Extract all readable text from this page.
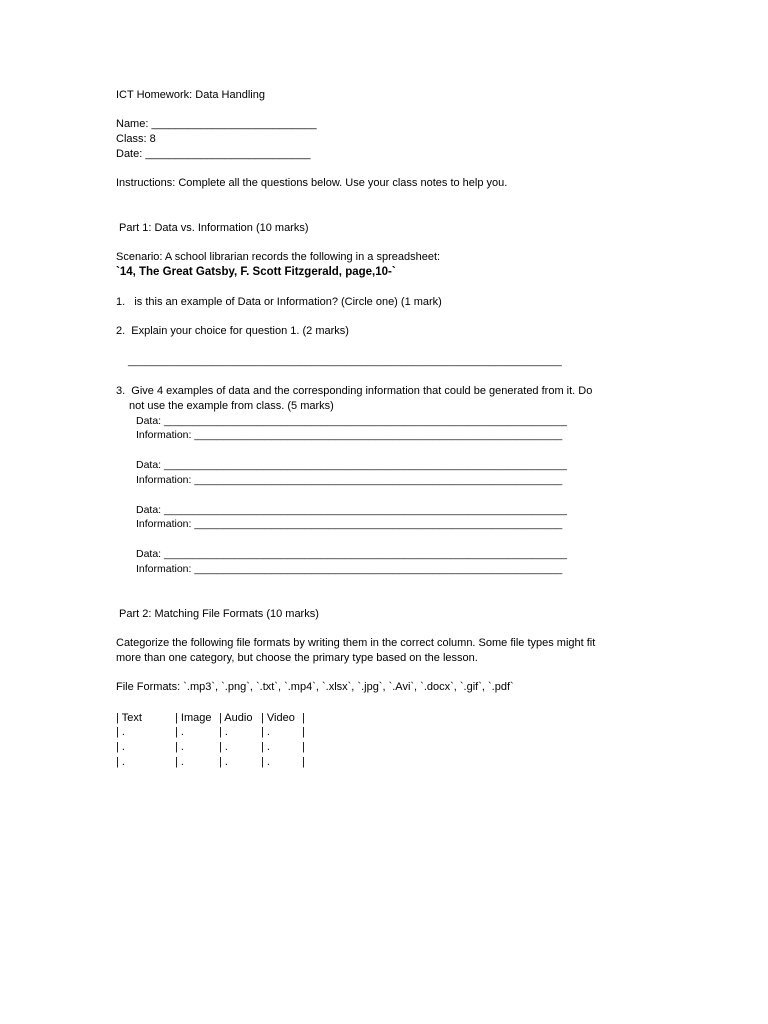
ICT Homework: Data Handling
Name: ___________________________
Class: 8
Date: ___________________________
Instructions: Complete all the questions below. Use your class notes to help you.
Part 1: Data vs. Information (10 marks)
Scenario: A school librarian records the following in a spreadsheet:
`14, The Great Gatsby, F. Scott Fitzgerald, page,10-`
1.   is this an example of Data or Information? (Circle one) (1 mark)
2.  Explain your choice for question 1. (2 marks)
______________________________________________________________________________
3.  Give 4 examples of data and the corresponding information that could be generated from it. Do
not use the example from class. (5 marks)
Data: _____________________________________________________________________
Information: _______________________________________________________________
Data: _____________________________________________________________________
Information: _______________________________________________________________
Data: _____________________________________________________________________
Information: _______________________________________________________________
Data: _____________________________________________________________________
Information: _______________________________________________________________
Part 2: Matching File Formats (10 marks)
Categorize the following file formats by writing them in the correct column. Some file types might fit
more than one category, but choose the primary type based on the lesson.
File Formats: `.mp3`, `.png`, `.txt`, `.mp4`, `.xlsx`, `.jpg`, `.Avi`, `.docx`, `.gif`, `.pdf`
| Text	| Image | Audio | Video |
| .	| .	| .	| .	|
| .	| .	| .	| .	|
| .	| .	| .	| .	|
